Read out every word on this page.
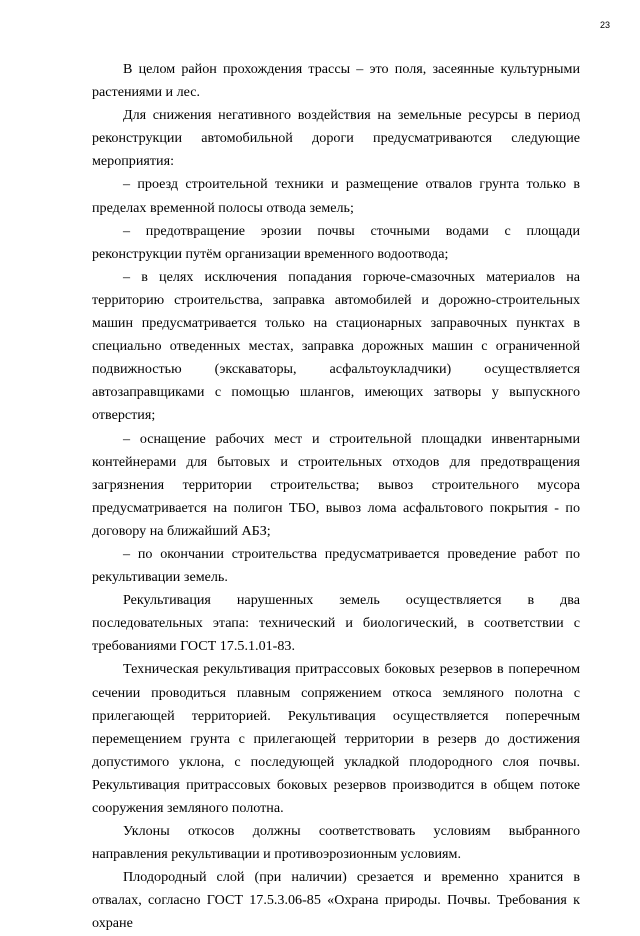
23

В целом район прохождения трассы – это поля, засеянные культурными растениями и лес.

Для снижения негативного воздействия на земельные ресурсы в период реконструкции автомобильной дороги предусматриваются следующие мероприятия:

– проезд строительной техники и размещение отвалов грунта только в пределах временной полосы отвода земель;

– предотвращение эрозии почвы сточными водами с площади реконструкции путём организации временного водоотвода;

– в целях исключения попадания горюче-смазочных материалов на территорию строительства, заправка автомобилей и дорожно-строительных машин предусматривается только на стационарных заправочных пунктах в специально отведенных местах, заправка дорожных машин с ограниченной подвижностью (экскаваторы, асфальтоукладчики) осуществляется автозаправщиками с помощью шлангов, имеющих затворы у выпускного отверстия;

– оснащение рабочих мест и строительной площадки инвентарными контейнерами для бытовых и строительных отходов для предотвращения загрязнения территории строительства; вывоз строительного мусора предусматривается на полигон ТБО, вывоз лома асфальтового покрытия - по договору на ближайший АБЗ;

– по окончании строительства предусматривается проведение работ по рекультивации земель.

Рекультивация нарушенных земель осуществляется в два последовательных этапа: технический и биологический, в соответствии с требованиями ГОСТ 17.5.1.01-83.

Техническая рекультивация притрассовых боковых резервов в поперечном сечении проводиться плавным сопряжением откоса земляного полотна с прилегающей территорией. Рекультивация осуществляется поперечным перемещением грунта с прилегающей территории в резерв до достижения допустимого уклона, с последующей укладкой плодородного слоя почвы. Рекультивация притрассовых боковых резервов производится в общем потоке сооружения земляного полотна.

Уклоны откосов должны соответствовать условиям выбранного направления рекультивации и противоэрозионным условиям.

Плодородный слой (при наличии) срезается и временно хранится в отвалах, согласно ГОСТ 17.5.3.06-85 «Охрана природы. Почвы. Требования к охране
